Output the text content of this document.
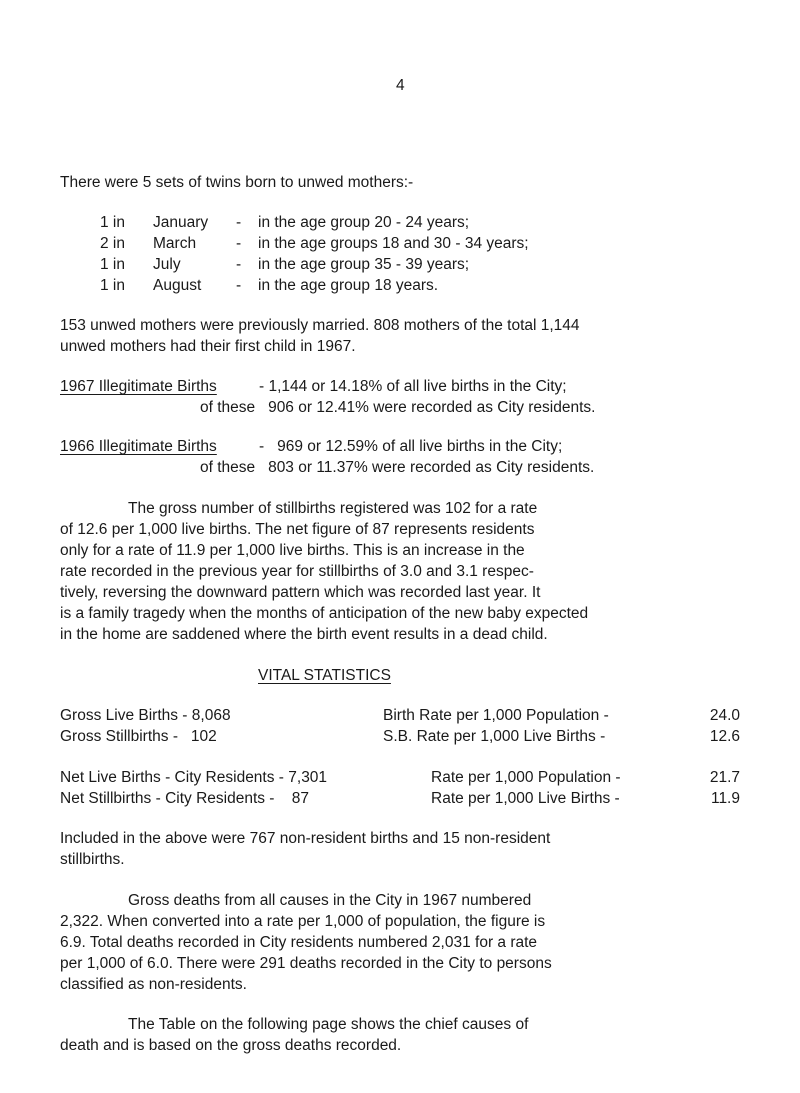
4
There were 5 sets of twins born to unwed mothers:-
1 in January - in the age group 20 - 24 years;
2 in March	- in the age groups 18 and 30 - 34 years;
1 in July	- in the age group 35 - 39 years;
1 in August - in the age group 18 years.
153 unwed mothers were previously married. 808 mothers of the total 1,144
unwed mothers had their first child in 1967.
1967 Illegitimate Births	- 1,144 or 14.18% of all live births in the City;
of these   906 or 12.41% were recorded as City residents.
1966 Illegitimate Births	-   969 or 12.59% of all live births in the City;
of these   803 or 11.37% were recorded as City residents.
The gross number of stillbirths registered was 102 for a rate
of 12.6 per 1,000 live births. The net figure of 87 represents residents
only for a rate of 11.9 per 1,000 live births. This is an increase in the
rate recorded in the previous year for stillbirths of 3.0 and 3.1 respec-
tively, reversing the downward pattern which was recorded last year. It
is a family tragedy when the months of anticipation of the new baby expected
in the home are saddened where the birth event results in a dead child.
VITAL STATISTICS
Gross Live Births - 8,068	Birth Rate per 1,000 Population -	24.0
Gross Stillbirths -   102	S.B. Rate per 1,000 Live Births -	12.6
Net Live Births - City Residents - 7,301	Rate per 1,000 Population -	21.7
Net Stillbirths - City Residents -    87	Rate per 1,000 Live Births -	11.9
Included in the above were 767 non-resident births and 15 non-resident
stillbirths.
Gross deaths from all causes in the City in 1967 numbered
2,322. When converted into a rate per 1,000 of population, the figure is
6.9. Total deaths recorded in City residents numbered 2,031 for a rate
per 1,000 of 6.0. There were 291 deaths recorded in the City to persons
classified as non-residents.
The Table on the following page shows the chief causes of
death and is based on the gross deaths recorded.
